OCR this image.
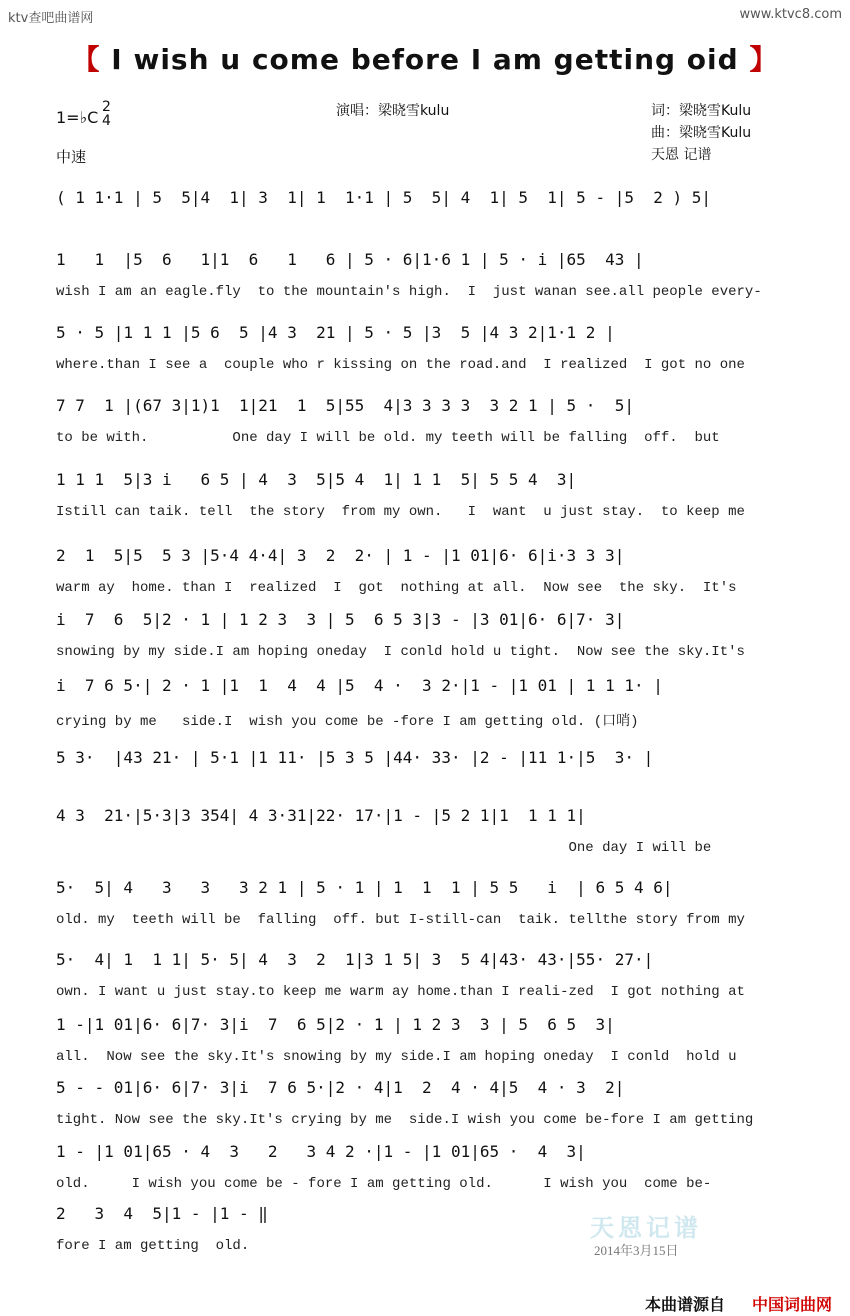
ktv查吧曲谱网	www.ktvc8.com
【 I wish u come before I am getting oid 】
1=♭C
2
4
中速
演唱：梁晓雪kulu	词：梁晓雪Kulu
曲：梁晓雪Kulu
天恩 记谱
( 1 1·1 | 5  5|4  1| 3  1| 1  1·1 | 5  5| 4  1| 5  1| 5 - |5  2 ) 5|
1   1  |5  6   1|1  6   1   6 | 5 · 6|1·6 1 | 5 · i |65  43 |
wish I am an eagle.fly  to the mountain's high.  I  just wanan see.all people every-
5 · 5 |1 1 1 |5 6  5 |4 3  21 | 5 · 5 |3  5 |4 3 2|1·1 2 |
where.than I see a  couple who r kissing on the road.and  I realized  I got no one
7 7  1 |(67 3|1)1  1|21  1  5|55  4|3 3 3 3  3 2 1 | 5 ·  5|
to be with.          One day I will be old. my teeth will be falling  off.  but
1 1 1  5|3 i   6 5 | 4  3  5|5 4  1| 1 1  5| 5 5 4  3|
Istill can taik. tell  the story  from my own.   I  want  u just stay.  to keep me
2  1  5|5  5 3 |5·4 4·4| 3  2  2· | 1 - |1 01|6· 6|i·3 3 3|
warm ay  home. than I  realized  I  got  nothing at all.  Now see  the sky.  It's
i  7  6  5|2 · 1 | 1 2 3  3 | 5  6 5 3|3 - |3 01|6· 6|7· 3|
snowing by my side.I am hoping oneday  I conld hold u tight.  Now see the sky.It's
i  7 6 5·| 2 · 1 |1  1  4  4 |5  4 ·  3 2·|1 - |1 01 | 1 1 1· |
crying by me   side.I  wish you come be -fore I am getting old. (口哨)
5 3·  |43 21· | 5·1 |1 11· |5 3 5 |44· 33· |2 - |11 1·|5  3· |
4 3  21·|5·3|3 354| 4 3·31|22· 17·|1 - |5 2 1|1  1 1 1|
One day I will be
5·  5| 4   3   3   3 2 1 | 5 · 1 | 1  1  1 | 5 5   i  | 6 5 4 6|
old. my  teeth will be  falling  off. but I-still-can  taik. tellthe story from my
5·  4| 1  1 1| 5· 5| 4  3  2  1|3 1 5| 3  5 4|43· 43·|55· 27·|
own. I want u just stay.to keep me warm ay home.than I reali-zed  I got nothing at
1 -|1 01|6· 6|7· 3|i  7  6 5|2 · 1 | 1 2 3  3 | 5  6 5  3|
all.  Now see the sky.It's snowing by my side.I am hoping oneday  I conld  hold u
5 - - 01|6· 6|7· 3|i  7 6 5·|2 · 4|1  2  4 · 4|5  4 · 3  2|
tight. Now see the sky.It's crying by me  side.I wish you come be-fore I am getting
1 - |1 01|65 · 4  3   2   3 4 2 ·|1 - |1 01|65 ·  4  3|
old.     I wish you come be - fore I am getting old.      I wish you  come be-
2   3  4  5|1 - |1 - ‖
fore I am getting  old.
天恩记谱
2014年3月15日
本曲谱源自 中国词曲网
